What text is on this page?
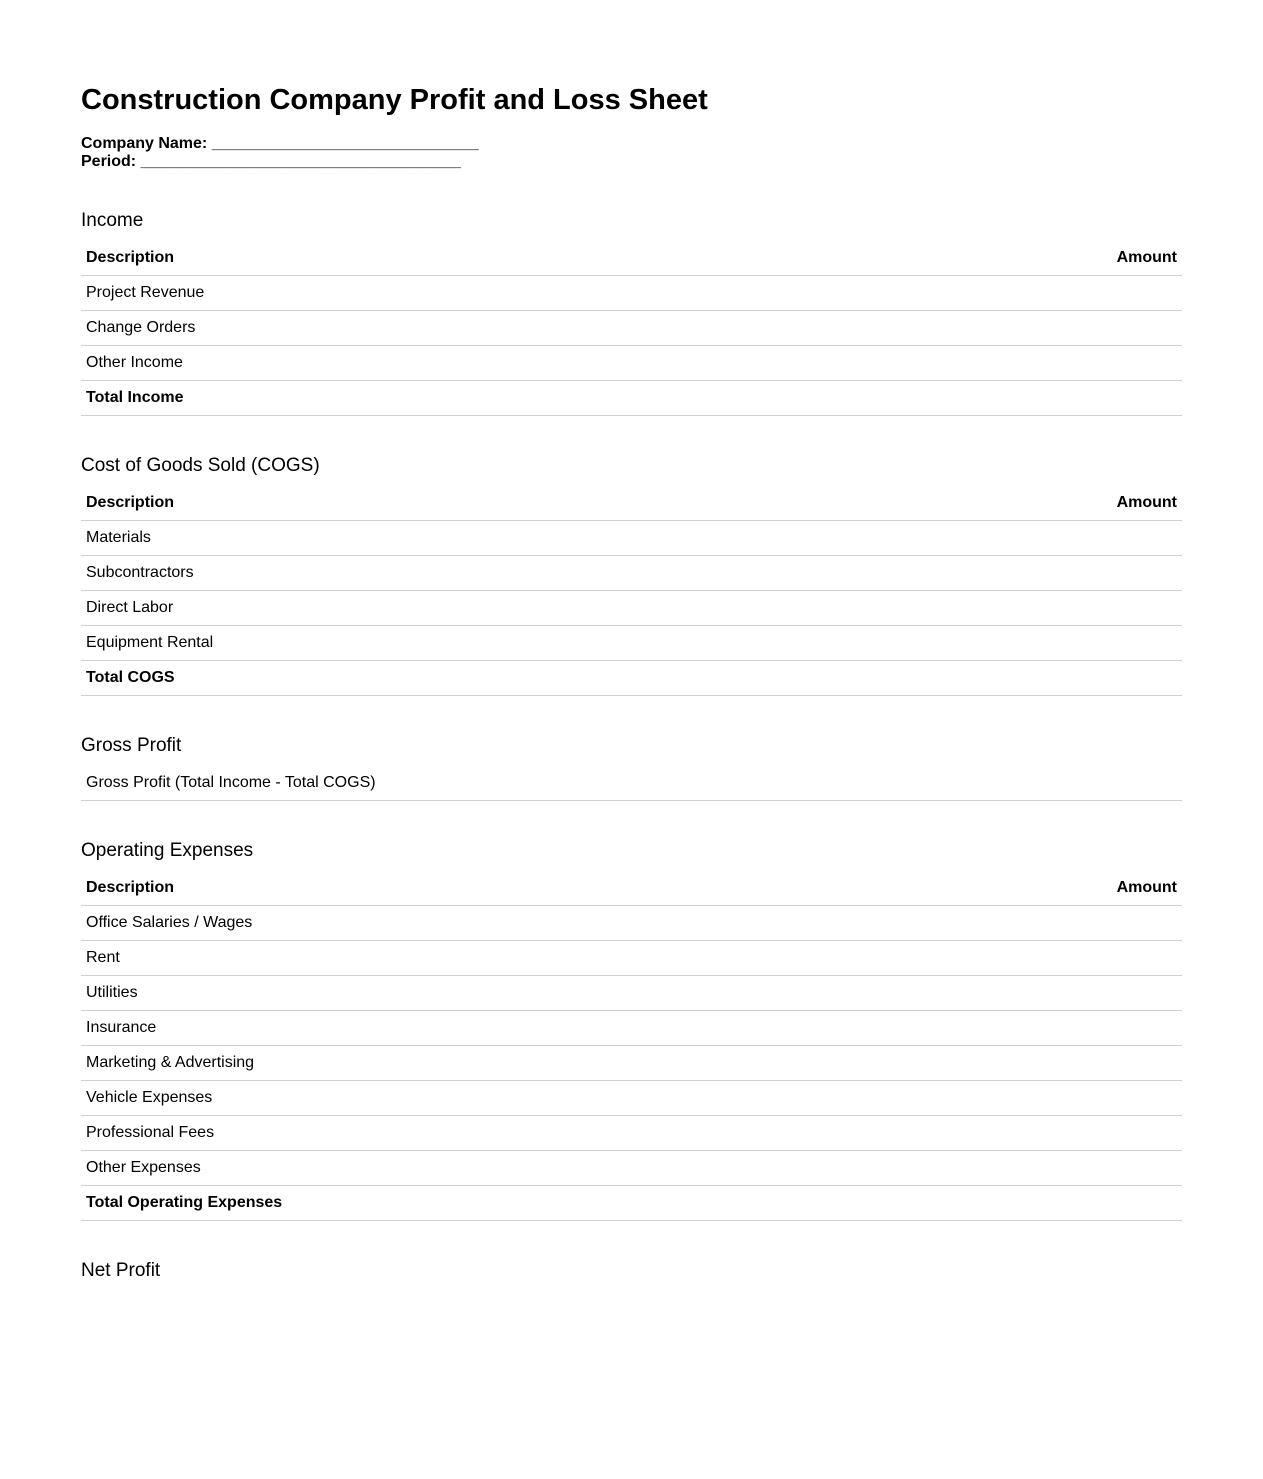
Construction Company Profit and Loss Sheet
Company Name: ______________________________
Period: ____________________________________
Income
Description	Amount
Project Revenue	
Change Orders	
Other Income	
Total Income	
Cost of Goods Sold (COGS)
Description	Amount
Materials	
Subcontractors	
Direct Labor	
Equipment Rental	
Total COGS	
Gross Profit
Gross Profit (Total Income - Total COGS)	
Operating Expenses
Description	Amount
Office Salaries / Wages	
Rent	
Utilities	
Insurance	
Marketing & Advertising	
Vehicle Expenses	
Professional Fees	
Other Expenses	
Total Operating Expenses	
Net Profit
